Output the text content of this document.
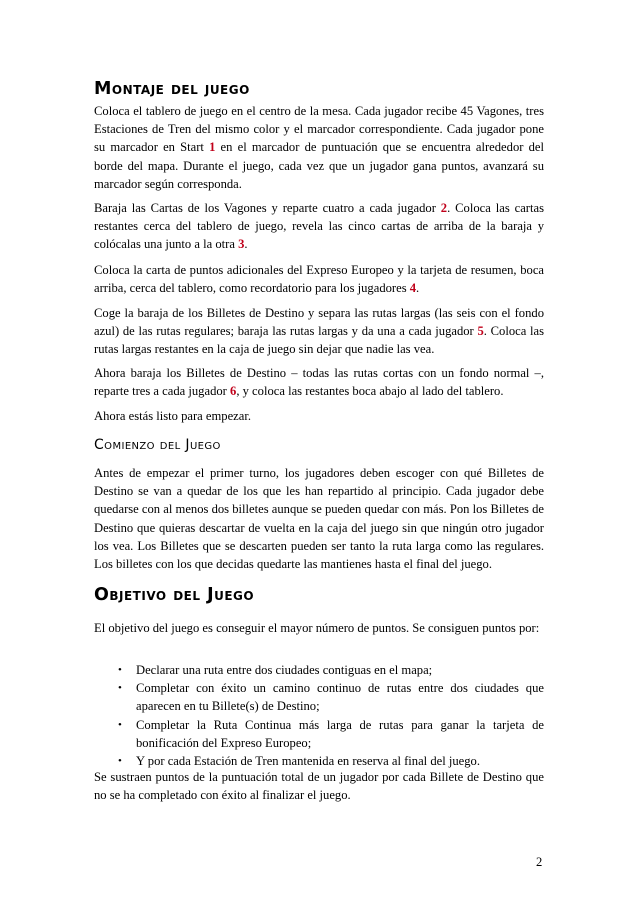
Montaje del juego

Coloca el tablero de juego en el centro de la mesa. Cada jugador recibe 45 Vagones, tres Estaciones de Tren del mismo color y el marcador correspondiente. Cada jugador pone su marcador en Start 1 en el marcador de puntuación que se encuentra alrededor del borde del mapa. Durante el juego, cada vez que un jugador gana puntos, avanzará su marcador según corresponda.

Baraja las Cartas de los Vagones y reparte cuatro a cada jugador 2. Coloca las cartas restantes cerca del tablero de juego, revela las cinco cartas de arriba de la baraja y colócalas una junto a la otra 3.

Coloca la carta de puntos adicionales del Expreso Europeo y la tarjeta de resumen, boca arriba, cerca del tablero, como recordatorio para los jugadores 4.

Coge la baraja de los Billetes de Destino y separa las rutas largas (las seis con el fondo azul) de las rutas regulares; baraja las rutas largas y da una a cada jugador 5. Coloca las rutas largas restantes en la caja de juego sin dejar que nadie las vea.

Ahora baraja los Billetes de Destino – todas las rutas cortas con un fondo normal –, reparte tres a cada jugador 6, y coloca las restantes boca abajo al lado del tablero.

Ahora estás listo para empezar.

Comienzo del Juego

Antes de empezar el primer turno, los jugadores deben escoger con qué Billetes de Destino se van a quedar de los que les han repartido al principio. Cada jugador debe quedarse con al menos dos billetes aunque se pueden quedar con más. Pon los Billetes de Destino que quieras descartar de vuelta en la caja del juego sin que ningún otro jugador los vea. Los Billetes que se descarten pueden ser tanto la ruta larga como las regulares. Los billetes con los que decidas quedarte las mantienes hasta el final del juego.

Objetivo del Juego

El objetivo del juego es conseguir el mayor número de puntos. Se consiguen puntos por:

• Declarar una ruta entre dos ciudades contiguas en el mapa;
• Completar con éxito un camino continuo de rutas entre dos ciudades que aparecen en tu Billete(s) de Destino;
• Completar la Ruta Continua más larga de rutas para ganar la tarjeta de bonificación del Expreso Europeo;
• Y por cada Estación de Tren mantenida en reserva al final del juego.

Se sustraen puntos de la puntuación total de un jugador por cada Billete de Destino que no se ha completado con éxito al finalizar el juego.

2
